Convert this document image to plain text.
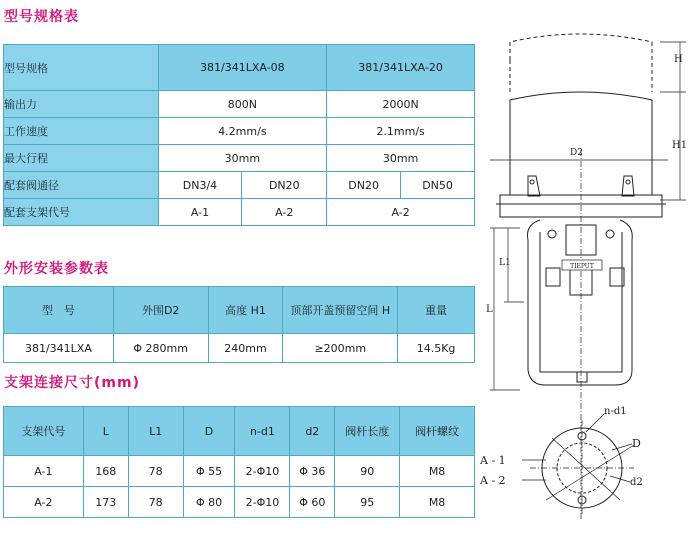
型号规格表
型号规格	381/341LXA-08		381/341LXA-20	
输出力	800N		2000N	
工作速度	4.2mm/s		2.1mm/s	
最大行程	30mm		30mm	
配套阀通径	DN3/4	DN20	DN20	DN50
配套支架代号	A-1	A-2	A-2	
外形安装参数表
型　号	外围D2	高度 H1	顶部开盖预留空间 H	重量
381/341LXA	Φ 280mm	240mm	≥200mm	14.5Kg
支架连接尺寸(mm)
支架代号	L	L1	D	n-d1	d2	阀杆长度	阀杆螺纹
A-1	168	78	Φ 55	2-Φ10	Φ 36	90	M8
A-2	173	78	Φ 80	2-Φ10	Φ 60	95	M8
TIEPUT
H
H1
D2
L
L1
n-d1
D
d2
A - 1
A - 2
